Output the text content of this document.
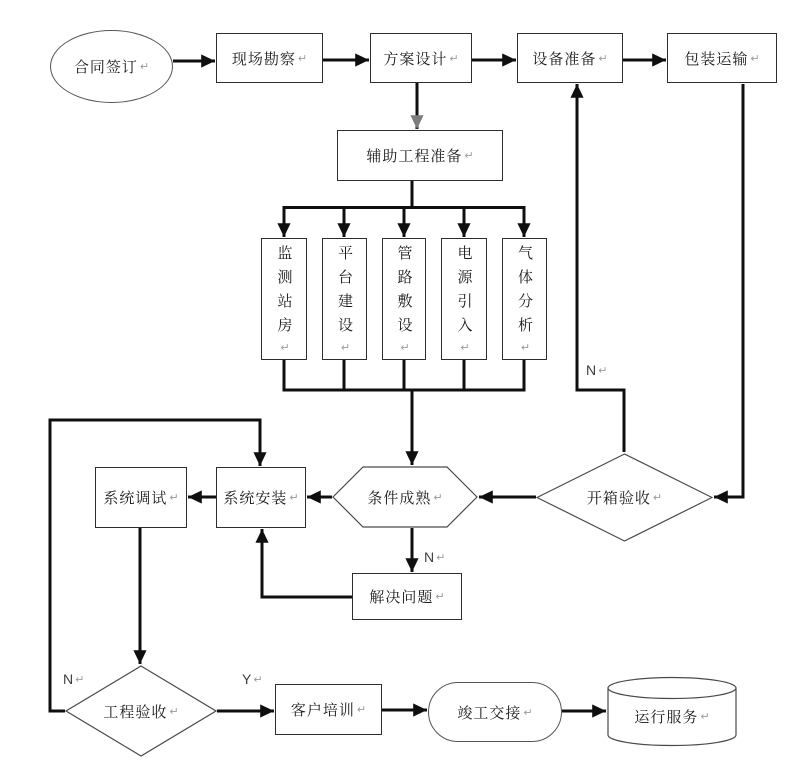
合同签订 ↵	现场勘察 ↵	方案设计 ↵	设备准备 ↵	包装运输 ↵
辅助工程准备 ↵
监测站房
↵
平台建设
↵
管路敷设
↵
电源引入
↵
气体分析
↵
系统调试 ↵	系统安装 ↵	条件成熟 ↵	开箱验收 ↵
解决问题 ↵
工程验收 ↵	客户培训 ↵	竣工交接 ↵	运行服务 ↵
N ↵
N ↵
N ↵	Y ↵
